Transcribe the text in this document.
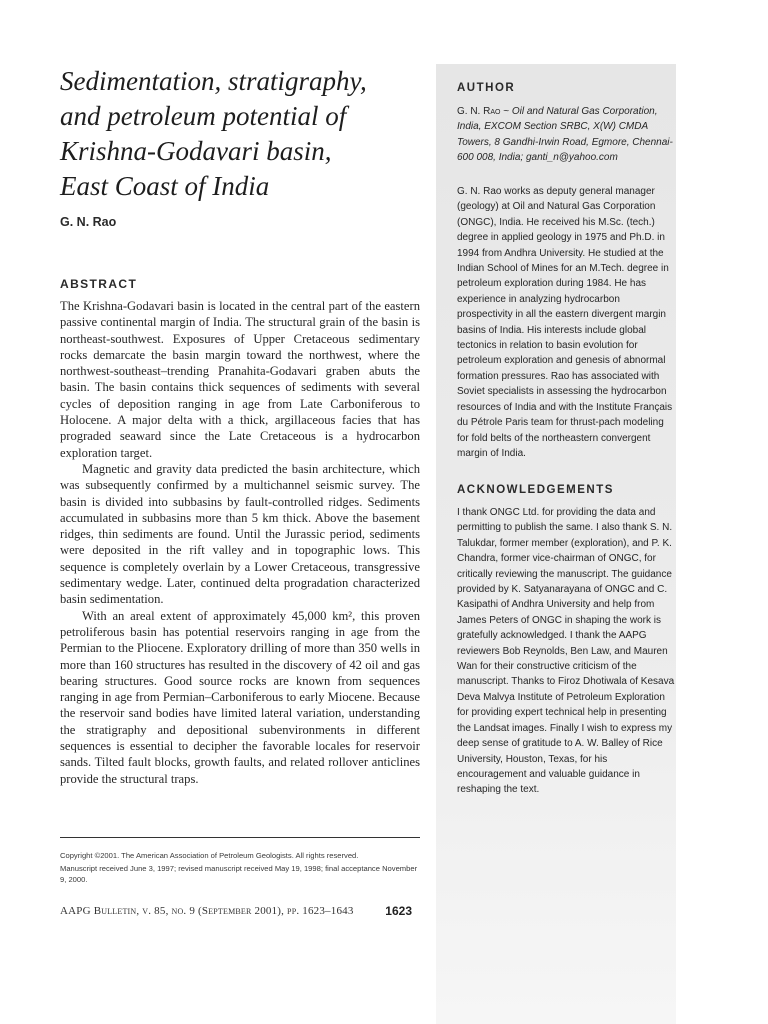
Sedimentation, stratigraphy,
and petroleum potential of
Krishna-Godavari basin,
East Coast of India
G. N. Rao
ABSTRACT

The Krishna-Godavari basin is located in the central part of the eastern passive continental margin of India. The structural grain of the basin is northeast-southwest. Exposures of Upper Cretaceous sedimentary rocks demarcate the basin margin toward the northwest, where the northwest-southeast–trending Pranahita-Godavari graben abuts the basin. The basin contains thick sequences of sediments with several cycles of deposition ranging in age from Late Carboniferous to Holocene. A major delta with a thick, argillaceous facies that has prograded seaward since the Late Cretaceous is a hydrocarbon exploration target.

Magnetic and gravity data predicted the basin architecture, which was subsequently confirmed by a multichannel seismic survey. The basin is divided into subbasins by fault-controlled ridges. Sediments accumulated in subbasins more than 5 km thick. Above the basement ridges, thin sediments are found. Until the Jurassic period, sediments were deposited in the rift valley and in topographic lows. This sequence is completely overlain by a Lower Cretaceous, transgressive sedimentary wedge. Later, continued delta progradation characterized basin sedimentation.

With an areal extent of approximately 45,000 km², this proven petroliferous basin has potential reservoirs ranging in age from the Permian to the Pliocene. Exploratory drilling of more than 350 wells in more than 160 structures has resulted in the discovery of 42 oil and gas bearing structures. Good source rocks are known from sequences ranging in age from Permian–Carboniferous to early Miocene. Because the reservoir sand bodies have limited lateral variation, understanding the stratigraphy and depositional subenvironments in different sequences is essential to decipher the favorable locales for reservoir sands. Tilted fault blocks, growth faults, and related rollover anticlines provide the structural traps.

Copyright ©2001. The American Association of Petroleum Geologists. All rights reserved.

Manuscript received June 3, 1997; revised manuscript received May 19, 1998; final acceptance November 9, 2000.

AAPG Bulletin, v. 85, no. 9 (September 2001), pp. 1623–1643	1623
AUTHOR
G. N. Rao ~ Oil and Natural Gas Corporation, India, EXCOM Section SRBC, X(W) CMDA Towers, 8 Gandhi-Irwin Road, Egmore, Chennai-600 008, India; ganti_n@yahoo.com

G. N. Rao works as deputy general manager (geology) at Oil and Natural Gas Corporation (ONGC), India. He received his M.Sc. (tech.) degree in applied geology in 1975 and Ph.D. in 1994 from Andhra University. He studied at the Indian School of Mines for an M.Tech. degree in petroleum exploration during 1984. He has experience in analyzing hydrocarbon prospectivity in all the eastern divergent margin basins of India. His interests include global tectonics in relation to basin evolution for petroleum exploration and genesis of abnormal formation pressures. Rao has associated with Soviet specialists in assessing the hydrocarbon resources of India and with the Institute Français du Pétrole Paris team for thrust-pach modeling for fold belts of the northeastern convergent margin of India.

ACKNOWLEDGEMENTS

I thank ONGC Ltd. for providing the data and permitting to publish the same. I also thank S. N. Talukdar, former member (exploration), and P. K. Chandra, former vice-chairman of ONGC, for critically reviewing the manuscript. The guidance provided by K. Satyanarayana of ONGC and C. Kasipathi of Andhra University and help from James Peters of ONGC in shaping the work is gratefully acknowledged. I thank the AAPG reviewers Bob Reynolds, Ben Law, and Mauren Wan for their constructive criticism of the manuscript. Thanks to Firoz Dhotiwala of Kesava Deva Malvya Institute of Petroleum Exploration for providing expert technical help in presenting the Landsat images. Finally I wish to express my deep sense of gratitude to A. W. Balley of Rice University, Houston, Texas, for his encouragement and valuable guidance in reshaping the text.
